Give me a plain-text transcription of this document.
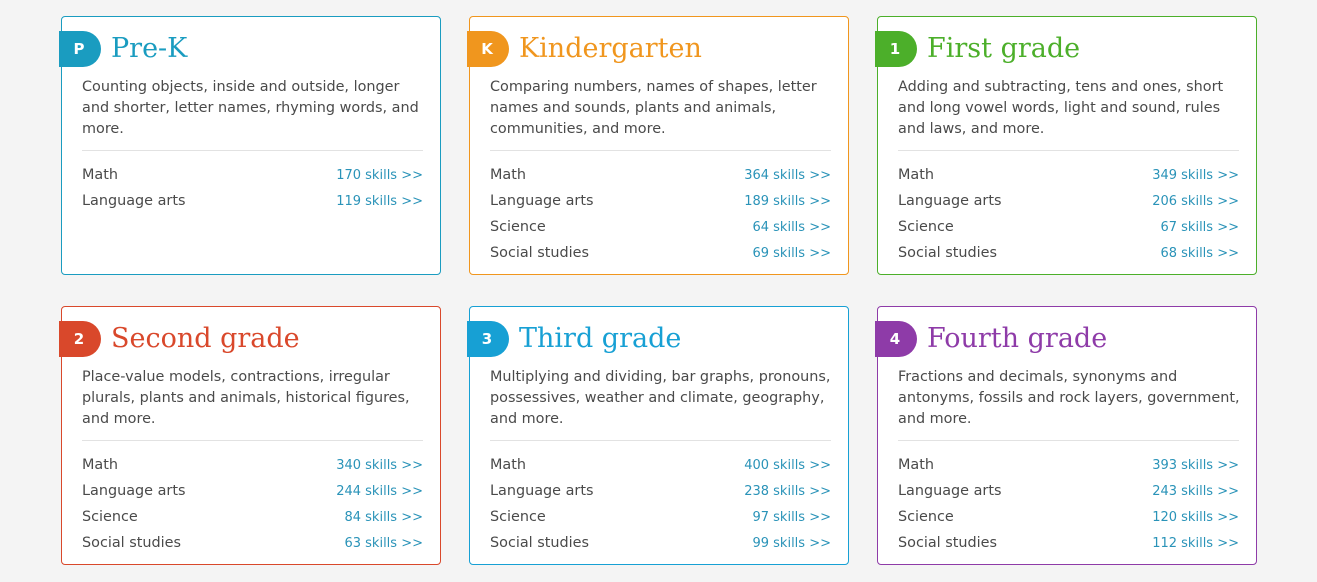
P Pre-K

Counting objects, inside and outside, longer and shorter, letter names, rhyming words, and more.

Math	170 skills >>
Language arts	119 skills >>
K Kindergarten

Comparing numbers, names of shapes, letter names and sounds, plants and animals, communities, and more.

Math	364 skills >>
Language arts	189 skills >>
Science	64 skills >>
Social studies	69 skills >>
1 First grade

Adding and subtracting, tens and ones, short and long vowel words, light and sound, rules and laws, and more.

Math	349 skills >>
Language arts	206 skills >>
Science	67 skills >>
Social studies	68 skills >>
2 Second grade

Place-value models, contractions, irregular plurals, plants and animals, historical figures, and more.

Math	340 skills >>
Language arts	244 skills >>
Science	84 skills >>
Social studies	63 skills >>
3 Third grade

Multiplying and dividing, bar graphs, pronouns, possessives, weather and climate, geography, and more.

Math	400 skills >>
Language arts	238 skills >>
Science	97 skills >>
Social studies	99 skills >>
4 Fourth grade

Fractions and decimals, synonyms and antonyms, fossils and rock layers, government, and more.

Math	393 skills >>
Language arts	243 skills >>
Science	120 skills >>
Social studies	112 skills >>
